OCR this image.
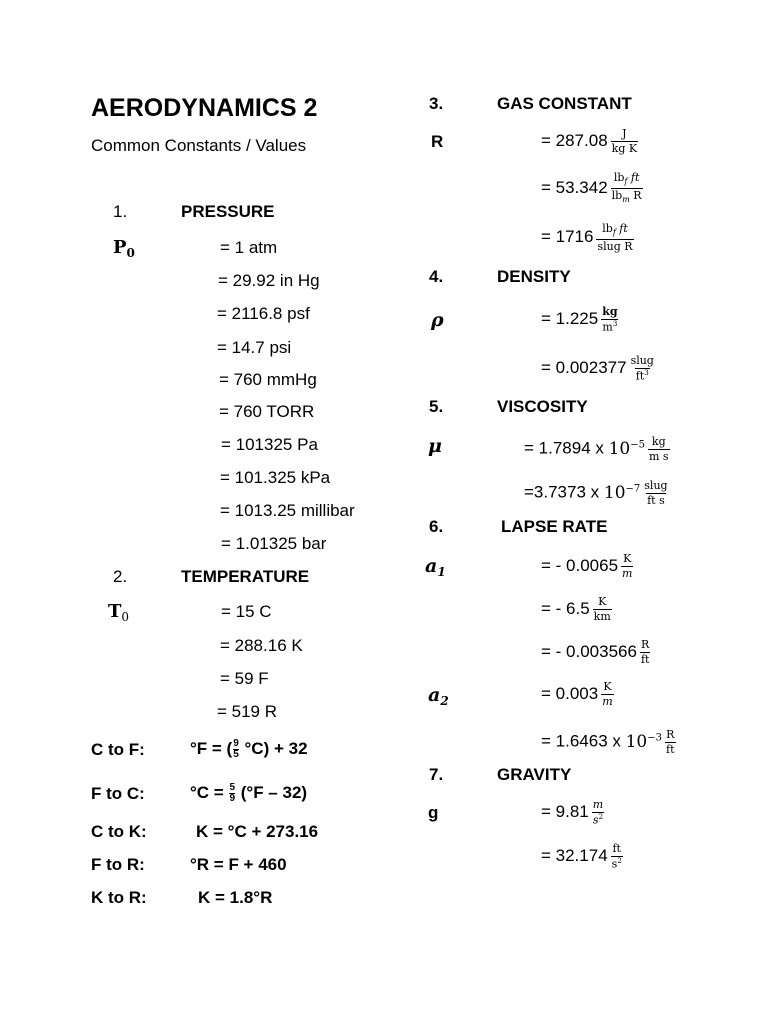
AERODYNAMICS 2
Common Constants / Values
1.	PRESSURE
$P_0$	= 1 atm
= 29.92 in Hg
= 2116.8 psf
= 14.7 psi
= 760 mmHg
= 760 TORR
= 101325 Pa
= 101.325 kPa
= 1013.25 millibar
= 1.01325 bar
2.	TEMPERATURE
$T_0$	= 15 C
= 288.16 K
= 59 F
= 519 R
C to F:	°F = ( $\frac{9}{5} ^\circ C) + 32$
F to C:	$^\circ C = \frac{5}{9} (^\circ F - 32)$
C to K:	K = °C + 273.16
F to R:	°R = F + 460
K to R:	K = 1.8°R
3.	GAS CONSTANT
R	= $287.08 \frac{J}{\text{kg K}}$
= $53.342 \frac{lb_f ft}{lb_m R}$
= $1716 \frac{lb_f ft}{\text{slug R}}$
4.	DENSITY
ρ	= $1.225 \frac{kg}{m^3}$
= $0.002377 \frac{\text{slug}}{ft^3}$
5.	VISCOSITY
μ	= 1.7894 x $10^{-5} \frac{kg}{\text{m s}}$
=3.7373 x $10^{-7} \frac{\text{slug}}{\text{ft s}}$
6.	LAPSE RATE
$a_1$	= - $0.0065 \frac{K}{m}$
= - $6.5 \frac{K}{km}$
= - $0.003566 \frac{R}{ft}$
$a_2$	= $0.003 \frac{K}{m}$
= 1.6463 x $10^{-3} \frac{R}{ft}$
7.	GRAVITY
g	= $9.81 \frac{m}{s^2}$
= $32.174 \frac{ft}{s^2}$
